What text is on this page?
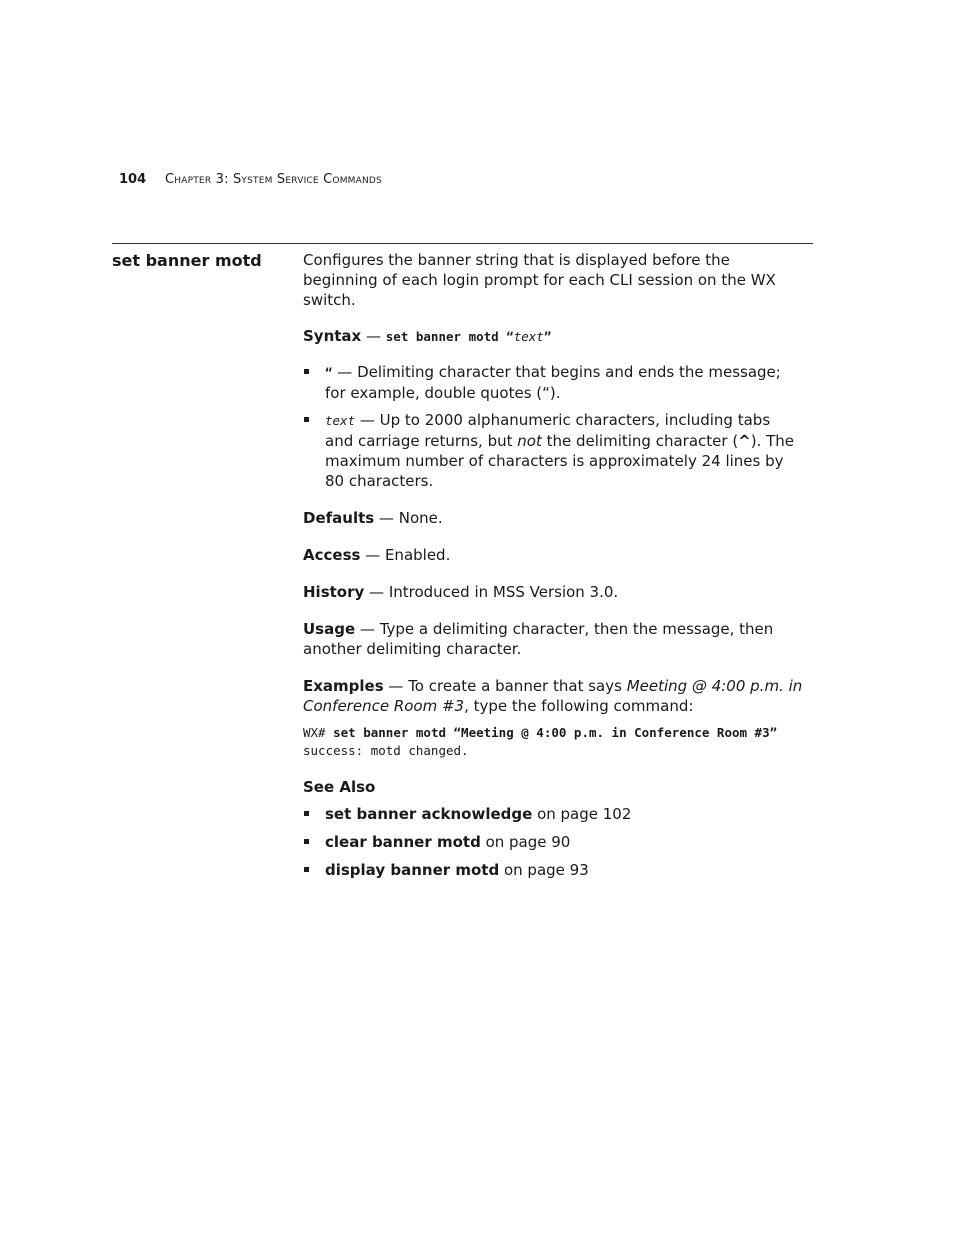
104 Chapter 3: System Service Commands
set banner motd	Configures the banner string that is displayed before the beginning of each login prompt for each CLI session on the WX switch.

Syntax — set banner motd “text”

“ — Delimiting character that begins and ends the message; for example, double quotes (“).
text — Up to 2000 alphanumeric characters, including tabs and carriage returns, but not the delimiting character (^). The maximum number of characters is approximately 24 lines by 80 characters.

Defaults — None.

Access — Enabled.

History — Introduced in MSS Version 3.0.

Usage — Type a delimiting character, then the message, then another delimiting character.

Examples — To create a banner that says Meeting @ 4:00 p.m. in Conference Room #3, type the following command:

WX# set banner motd “Meeting @ 4:00 p.m. in Conference Room #3”
success: motd changed.

See Also

set banner acknowledge on page 102
clear banner motd on page 90
display banner motd on page 93
